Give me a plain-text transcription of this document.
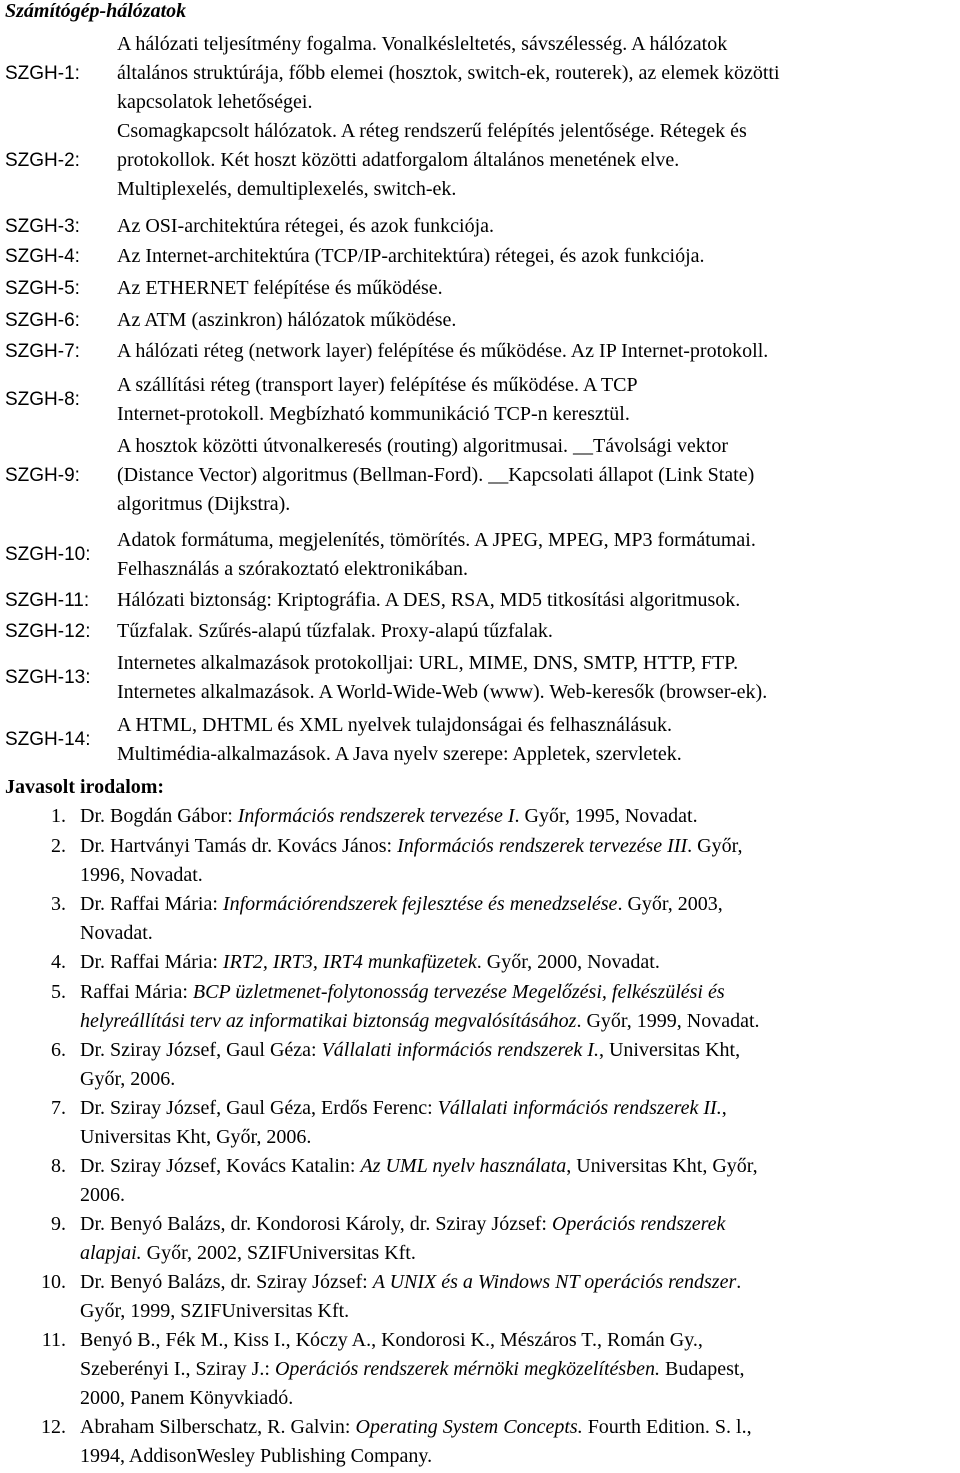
Számítógép-hálózatok
SZGH-1:
A hálózati teljesítmény fogalma. Vonalkésleltetés, sávszélesség. A hálózatok
általános struktúrája, főbb elemei (hosztok, switch-ek, routerek), az elemek közötti
kapcsolatok lehetőségei.
SZGH-2:
Csomagkapcsolt hálózatok. A réteg rendszerű felépítés jelentősége. Rétegek és
protokollok. Két hoszt közötti adatforgalom általános menetének elve.
Multiplexelés, demultiplexelés, switch-ek.
SZGH-3:	Az OSI-architektúra rétegei, és azok funkciója.
SZGH-4:	Az Internet-architektúra (TCP/IP-architektúra) rétegei, és azok funkciója.
SZGH-5:	Az ETHERNET felépítése és működése.
SZGH-6:	Az ATM (aszinkron) hálózatok működése.
SZGH-7:	A hálózati réteg (network layer) felépítése és működése. Az IP Internet-protokoll.
SZGH-8:
A szállítási réteg (transport layer) felépítése és működése. A TCP
Internet-protokoll. Megbízható kommunikáció TCP-n keresztül.
SZGH-9:
A hosztok közötti útvonalkeresés (routing) algoritmusai. __Távolsági vektor
(Distance Vector) algoritmus (Bellman-Ford). __Kapcsolati állapot (Link State)
algoritmus (Dijkstra).
SZGH-10:
Adatok formátuma, megjelenítés, tömörítés. A JPEG, MPEG, MP3 formátumai.
Felhasználás a szórakoztató elektronikában.
SZGH-11:	Hálózati biztonság: Kriptográfia. A DES, RSA, MD5 titkosítási algoritmusok.
SZGH-12:	Tűzfalak. Szűrés-alapú tűzfalak. Proxy-alapú tűzfalak.
SZGH-13:
Internetes alkalmazások protokolljai: URL, MIME, DNS, SMTP, HTTP, FTP.
Internetes alkalmazások. A World-Wide-Web (www). Web-keresők (browser-ek).
SZGH-14:
A HTML, DHTML és XML nyelvek tulajdonságai és felhasználásuk.
Multimédia-alkalmazások. A Java nyelv szerepe: Appletek, szervletek.
Javasolt irodalom:
1. Dr. Bogdán Gábor: Információs rendszerek tervezése I. Győr, 1995, Novadat.
2. Dr. Hartványi Tamás dr. Kovács János: Információs rendszerek tervezése III. Győr,
1996, Novadat.
3. Dr. Raffai Mária: Információrendszerek fejlesztése és menedzselése. Győr, 2003,
Novadat.
4. Dr. Raffai Mária: IRT2, IRT3, IRT4 munkafüzetek. Győr, 2000, Novadat.
5. Raffai Mária: BCP üzletmenet-folytonosság tervezése Megelőzési, felkészülési és
helyreállítási terv az informatikai biztonság megvalósításához. Győr, 1999, Novadat.
6. Dr. Sziray József, Gaul Géza: Vállalati információs rendszerek I., Universitas Kht,
Győr, 2006.
7. Dr. Sziray József, Gaul Géza, Erdős Ferenc: Vállalati információs rendszerek II.,
Universitas Kht, Győr, 2006.
8. Dr. Sziray József, Kovács Katalin: Az UML nyelv használata, Universitas Kht, Győr,
2006.
9. Dr. Benyó Balázs, dr. Kondorosi Károly, dr. Sziray József: Operációs rendszerek
alapjai. Győr, 2002, SZIFUniversitas Kft.
10. Dr. Benyó Balázs, dr. Sziray József: A UNIX és a Windows NT operációs rendszer.
Győr, 1999, SZIFUniversitas Kft.
11. Benyó B., Fék M., Kiss I., Kóczy A., Kondorosi K., Mészáros T., Román Gy.,
Szeberényi I., Sziray J.: Operációs rendszerek mérnöki megközelítésben. Budapest,
2000, Panem Könyvkiadó.
12. Abraham Silberschatz, R. Galvin: Operating System Concepts. Fourth Edition. S. l.,
1994, AddisonWesley Publishing Company.
